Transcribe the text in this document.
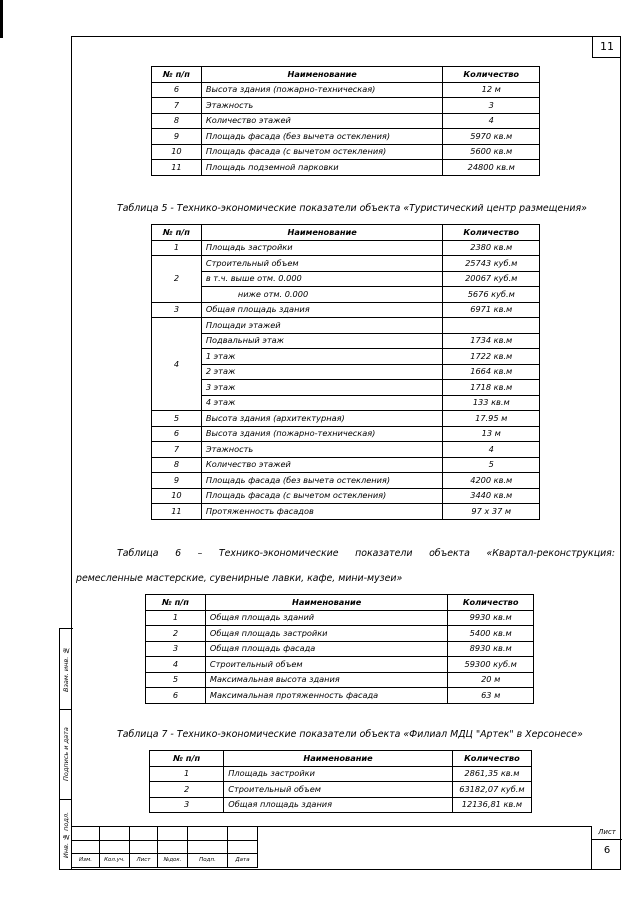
11
№ п/п	Наименование	Количество
6	Высота здания (пожарно-техническая)	12 м
7	Этажность	3
8	Количество этажей	4
9	Площадь фасада (без вычета остекления)	5970 кв.м
10	Площадь фасада (с вычетом остекления)	5600 кв.м
11	Площадь подземной парковки	24800 кв.м
Таблица 5 - Технико-экономические показатели объекта «Туристический центр размещения»
№ п/п	Наименование	Количество
1	Площадь застройки	2380 кв.м
2	Строительный объем	25743 куб.м
	в т.ч. выше отм. 0.000	20067 куб.м
	ниже отм. 0.000	5676 куб.м
3	Общая площадь здания	6971 кв.м
4	Площади этажей	
	Подвальный этаж	1734 кв.м
	1 этаж	1722 кв.м
	2 этаж	1664 кв.м
	3 этаж	1718 кв.м
	4 этаж	133 кв.м
5	Высота здания (архитектурная)	17.95 м
6	Высота здания (пожарно-техническая)	13 м
7	Этажность	4
8	Количество этажей	5
9	Площадь фасада (без вычета остекления)	4200 кв.м
10	Площадь фасада (с вычетом остекления)	3440 кв.м
11	Протяженность фасадов	97 х 37 м
Таблица 6 – Технико-экономические показатели объекта «Квартал-реконструкция:
ремесленные мастерские, сувенирные лавки, кафе, мини-музеи»
№ п/п	Наименование	Количество
1	Общая площадь зданий	9930 кв.м
2	Общая площадь застройки	5400 кв.м
3	Общая площадь фасада	8930 кв.м
4	Строительный объем	59300 куб.м
5	Максимальная высота здания	20 м
6	Максимальная протяженность фасада	63 м
Таблица 7 - Технико-экономические показатели объекта «Филиал МДЦ "Артек" в Херсонесе»
№ п/п	Наименование	Количество
1	Площадь застройки	2861,35 кв.м
2	Строительный объем	63182,07 куб.м
3	Общая площадь здания	12136,81 кв.м
Взам. инв. №
Подпись и дата
Инв. № подл.

Изм.	Кол.уч.	Лист	№док.	Подп.	Дата
Лист
6
